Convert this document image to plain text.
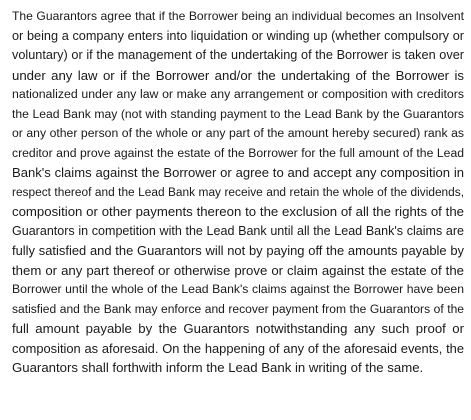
The Guarantors agree that if the Borrower being an individual becomes an Insolvent
or being a company enters into liquidation or winding up (whether compulsory or
voluntary) or if the management of the undertaking of the Borrower is taken over
under any law or if the Borrower and/or the undertaking of the Borrower is
nationalized under any law or make any arrangement or composition with creditors
the Lead Bank may (not with standing payment to the Lead Bank by the Guarantors
or any other person of the whole or any part of the amount hereby secured) rank as
creditor and prove against the estate of the Borrower for the full amount of the Lead
Bank's claims against the Borrower or agree to and accept any composition in
respect thereof and the Lead Bank may receive and retain the whole of the dividends,
composition or other payments thereon to the exclusion of all the rights of the
Guarantors in competition with the Lead Bank until all the Lead Bank's claims are
fully satisfied and the Guarantors will not by paying off the amounts payable by
them or any part thereof or otherwise prove or claim against the estate of the
Borrower until the whole of the Lead Bank's claims against the Borrower have been
satisfied and the Bank may enforce and recover payment from the Guarantors of the
full amount payable by the Guarantors notwithstanding any such proof or
composition as aforesaid. On the happening of any of the aforesaid events, the
Guarantors shall forthwith inform the Lead Bank in writing of the same.
